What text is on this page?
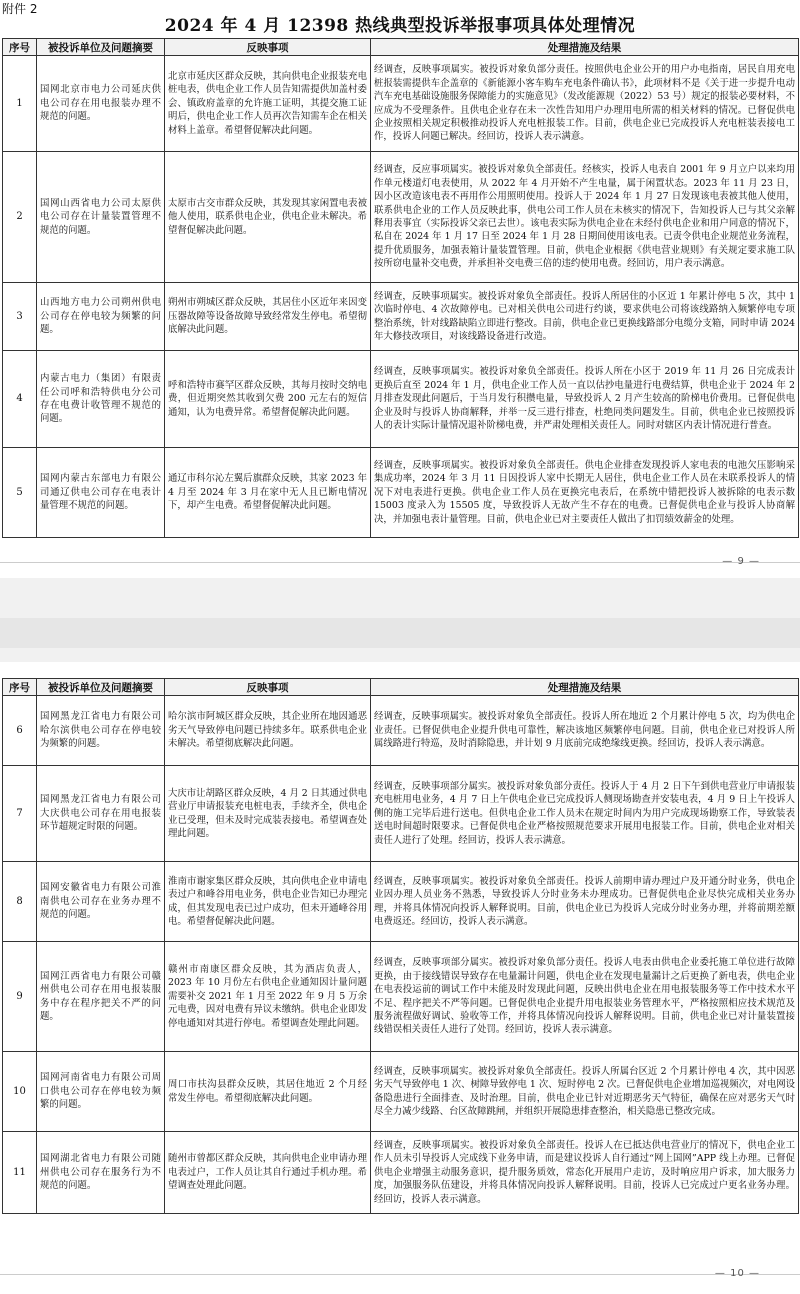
附件 2
2024 年 4 月 12398 热线典型投诉举报事项具体处理情况
序号	被投诉单位及问题摘要	反映事项	处理措施及结果
1	国网北京市电力公司延庆供电公司存在用电报装办理不规范的问题。	北京市延庆区群众反映，其向供电企业报装充电桩电表，供电企业工作人员告知需提供加盖村委会、镇政府盖章的允许施工证明，其提交施工证明后，供电企业工作人员再次告知需车企在相关材料上盖章。希望督促解决此问题。	经调查，反映事项属实。被投诉对象负部分责任。按照供电企业公开的用户办电指南，居民自用充电桩报装需提供车企盖章的《新能源小客车购车充电条件确认书》，此项材料不是《关于进一步提升电动汽车充电基础设施服务保障能力的实施意见》（发改能源规（2022）53 号）规定的报装必要材料，不应成为不受理条件。且供电企业存在未一次性告知用户办理用电所需的相关材料的情况。已督促供电企业按照相关规定积极推动投诉人充电桩报装工作。目前，供电企业已完成投诉人充电桩装表接电工作，投诉人问题已解决。经回访，投诉人表示满意。
2	国网山西省电力公司太原供电公司存在计量装置管理不规范的问题。	太原市古交市群众反映，其发现其家闲置电表被他人使用，联系供电企业，供电企业未解决。希望督促解决此问题。	经调查，反应事项属实。被投诉对象负全部责任。经核实，投诉人电表自 2001 年 9 月立户以来均用作单元楼道灯电表使用，从 2022 年 4 月开始不产生电量，属于闲置状态。2023 年 11 月 23 日，因小区改造该电表不再用作公用照明使用。投诉人于 2024 年 1 月 27 日发现该电表被其他人使用，联系供电企业的工作人员反映此事，供电公司工作人员在未核实的情况下，告知投诉人已与其父亲解释用表事宜（实际投诉父亲已去世）。该电表实际为供电企业在未经付供电企业和用户同意的情况下，私自在 2024 年 1 月 17 日至 2024 年 1 月 28 日期间使用该电表。已责令供电企业规范业务流程，提升优质服务，加强表箱计量装置管理。目前，供电企业根据《供电营业规则》有关规定要求施工队按所窃电量补交电费，并承担补交电费三倍的违约使用电费。经回访，用户表示满意。
3	山西地方电力公司朔州供电公司存在停电较为频繁的问题。	朔州市朔城区群众反映，其居住小区近年来因变压器故障等设备故障导致经常发生停电。希望彻底解决此问题。	经调查，反映事项属实。被投诉对象负全部责任。投诉人所居住的小区近 1 年累计停电 5 次，其中 1 次临时停电、4 次故障停电。已对相关供电公司进行约谈，要求供电公司将该线路纳入频繁停电专项整治系统，针对线路缺陷立即进行整改。目前，供电企业已更换线路部分电缆分支箱，同时申请 2024 年大修技改项目，对该线路设备进行改造。
4	内蒙古电力（集团）有限责任公司呼和浩特供电分公司存在电费计收管理不规范的问题。	呼和浩特市赛罕区群众反映，其每月按时交纳电费，但近期突然其收到欠费 200 元左右的短信通知，认为电费异常。希望督促解决此问题。	经调查，反映事项属实。被投诉对象负全部责任。投诉人所在小区于 2019 年 11 月 26 日完成表计更换后直至 2024 年 1 月，供电企业工作人员一直以估抄电量进行电费结算，供电企业于 2024 年 2 月排查发现此问题后，于当月发行积攒电量，导致投诉人 2 月产生较高的阶梯电价费用。已督促供电企业及时与投诉人协商解释，并举一反三进行排查，杜绝同类问题发生。目前，供电企业已按照投诉人的表计实际计量情况退补阶梯电费，并严肃处理相关责任人。同时对辖区内表计情况进行普查。
5	国网内蒙古东部电力有限公司通辽供电公司存在电表计量管理不规范的问题。	通辽市科尔沁左翼后旗群众反映，其家 2023 年 4 月至 2024 年 3 月在家中无人且已断电情况下，却产生电费。希望督促解决此问题。	经调查，反映事项属实。被投诉对象负全部责任。供电企业排查发现投诉人家电表的电池欠压影响采集成功率，2024 年 3 月 11 日因投诉人家中长期无人居住，供电企业工作人员在未联系投诉人的情况下对电表进行更换。供电企业工作人员在更换完电表后，在系统中错把投诉人被拆除的电表示数 15003 度录入为 15505 度，导致投诉人无故产生不存在的电费。已督促供电企业与投诉人协商解决，并加强电表计量管理。目前，供电企业已对主要责任人做出了扣罚绩效薪金的处理。
— 9 —
序号	被投诉单位及问题摘要	反映事项	处理措施及结果
6	国网黑龙江省电力有限公司哈尔滨供电公司存在停电较为频繁的问题。	哈尔滨市阿城区群众反映，其企业所在地因通恶劣天气导致停电问题已持续多年。联系供电企业未解决。希望彻底解决此问题。	经调查，反映事项属实。被投诉对象负全部责任。投诉人所在地近 2 个月累计停电 5 次，均为供电企业责任。已督促供电企业提升供电可靠性，解决该地区频繁停电问题。目前，供电企业已对投诉人所属线路进行特巡，及时消除隐患，并计划 9 月底前完成绝缘线更换。经回访，投诉人表示满意。
7	国网黑龙江省电力有限公司大庆供电公司存在用电报装环节超规定时限的问题。	大庆市让胡路区群众反映，4 月 2 日其通过供电营业厅申请报装充电桩电表，手续齐全，供电企业已受理，但未及时完成装表接电。希望调查处理此问题。	经调查，反映事项部分属实。被投诉对象负部分责任。投诉人于 4 月 2 日下午到供电营业厅申请报装充电桩用电业务，4 月 7 日上午供电企业已完成投诉人侧现场勘查并安装电表，4 月 9 日上午投诉人侧的施工完毕后进行送电。但供电企业工作人员未在规定时间内为用户完成现场勘察工作，导致装表送电时间超时限要求。已督促供电企业严格按照规范要求开展用电报装工作。目前，供电企业对相关责任人进行了处理。经回访，投诉人表示满意。
8	国网安徽省电力有限公司淮南供电公司存在业务办理不规范的问题。	淮南市谢家集区群众反映，其向供电企业申请电表过户和峰谷用电业务，供电企业告知已办理完成，但其发现电表已过户成功，但未开通峰谷用电。希望督促解决此问题。	经调查，反映事项属实。被投诉对象负全部责任。投诉人前期申请办理过户及开通分时业务，供电企业因办理人员业务不熟悉，导致投诉人分时业务未办理成功。已督促供电企业尽快完成相关业务办理，并将具体情况向投诉人解释说明。目前，供电企业已为投诉人完成分时业务办理，并将前期差额电费返还。经回访，投诉人表示满意。
9	国网江西省电力有限公司赣州供电公司存在用电报装服务中存在程序把关不严的问题。	赣州市南康区群众反映，其为酒店负责人，2023 年 10 月份左右供电企业通知因计量问题需要补交 2021 年 1 月至 2022 年 9 月 5 万余元电费，因对电费有异议未缴纳。供电企业即发停电通知对其进行停电。希望调查处理此问题。	经调查，反映事项部分属实。被投诉对象负部分责任。投诉人电表由供电企业委托施工单位进行故障更换，由于接线错误导致存在电量漏计问题，供电企业在发现电量漏计之后更换了新电表，供电企业在电表投运前的调试工作中未能及时发现此问题，反映出供电企业在用电报装服务等工作中技术水平不足、程序把关不严等问题。已督促供电企业提升用电报装业务管理水平，严格按照相应技术规范及服务流程做好调试、验收等工作，并将具体情况向投诉人解释说明。目前，供电企业已对计量装置接线错误相关责任人进行了处罚。经回访，投诉人表示满意。
10	国网河南省电力有限公司周口供电公司存在停电较为频繁的问题。	周口市扶沟县群众反映，其居住地近 2 个月经常发生停电。希望彻底解决此问题。	经调查，反映事项属实。被投诉对象负全部责任。投诉人所属台区近 2 个月累计停电 4 次，其中因恶劣天气导致停电 1 次、树障导致停电 1 次、短时停电 2 次。已督促供电企业增加巡视频次，对电网设备隐患进行全面排查、及时治理。目前，供电企业已针对近期恶劣天气特征，确保在应对恶劣天气时尽全力减少线路、台区故障跳闸，并组织开展隐患排查整治，相关隐患已整改完成。
11	国网湖北省电力有限公司随州供电公司存在服务行为不规范的问题。	随州市曾都区群众反映，其向供电企业申请办理电表过户，工作人员让其自行通过手机办理。希望调查处理此问题。	经调查，反映事项属实。被投诉对象负全部责任。投诉人在已抵达供电营业厅的情况下，供电企业工作人员未引导投诉人完成线下业务申请，而是建议投诉人自行通过“网上国网”APP 线上办理。已督促供电企业增强主动服务意识，提升服务质效，常态化开展用户走访，及时响应用户诉求，加大服务力度，加强服务队伍建设，并将具体情况向投诉人解释说明。目前，投诉人已完成过户更名业务办理。经回访，投诉人表示满意。
— 10 —
